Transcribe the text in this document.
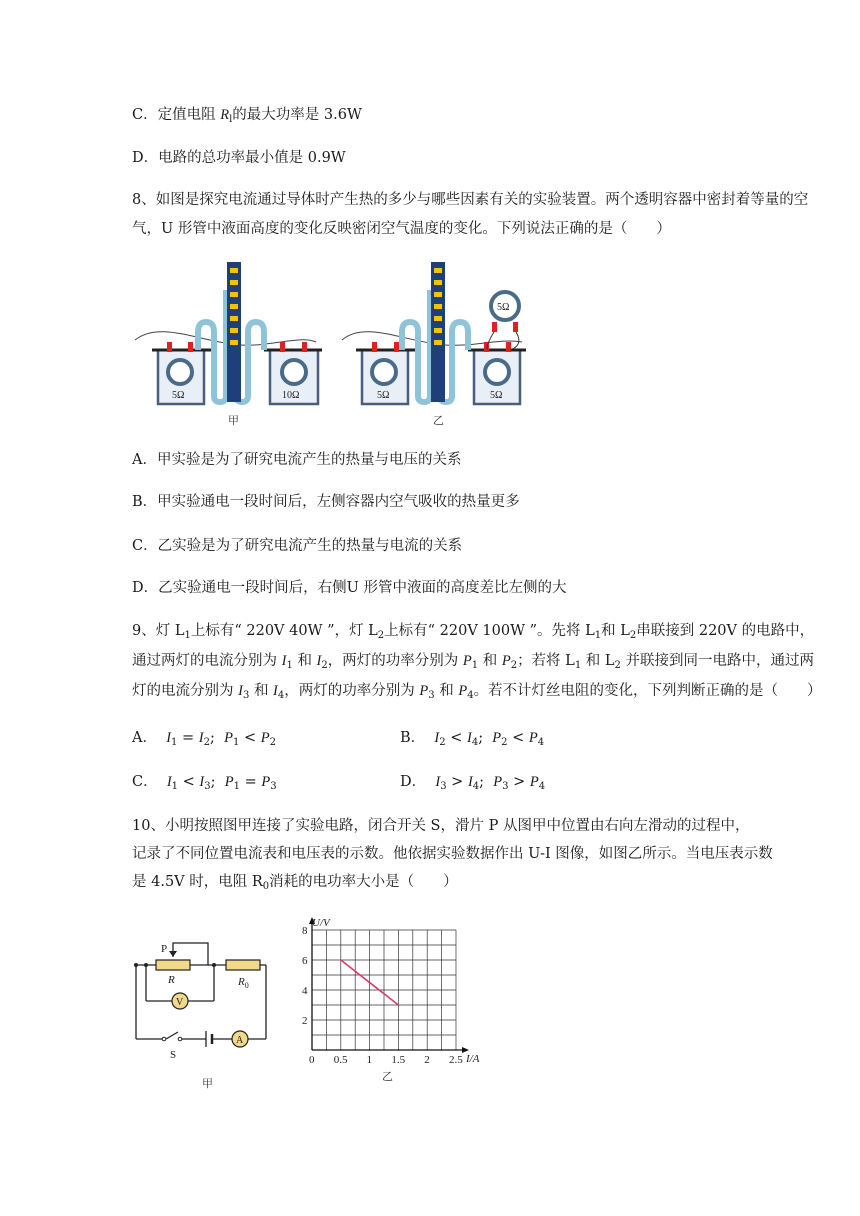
C．定值电阻 $R_l$的最大功率是 3.6W
D．电路的总功率最小值是 0.9W
8、如图是探究电流通过导体时产生热的多少与哪些因素有关的实验装置。两个透明容器中密封着等量的空气，U 形管中液面高度的变化反映密闭空气温度的变化。下列说法正确的是（　　）
5Ω	10Ω
甲
5Ω	5Ω
5Ω
乙
A．甲实验是为了研究电流产生的热量与电压的关系
B．甲实验通电一段时间后，左侧容器内空气吸收的热量更多
C．乙实验是为了研究电流产生的热量与电流的关系
D．乙实验通电一段时间后，右侧U 形管中液面的高度差比左侧的大
9、灯 $L_1$上标有“ 220V 40W ”，灯 $L_2$上标有“ 220V 100W ”。先将 $L_1$和 $L_2$串联接到 220V 的电路中，
通过两灯的电流分别为 $I_1$ 和 $I_2$，两灯的功率分别为 $P_1$ 和 $P_2$；若将 $L_1$ 和 $L_2$ 并联接到同一电路中，通过两
灯的电流分别为 $I_3$ 和 $I_4$，两灯的功率分别为 $P_3$ 和 $P_4$。若不计灯丝电阻的变化，下列判断正确的是（　　）
A． $I_1 = I_2$;  $P_1 < P_2$	B． $I_2 < I_4$;  $P_2 < P_4$
C． $I_1 < I_3$;  $P_1 = P_3$	D． $I_3 > I_4$;  $P_3 > P_4$
10、小明按照图甲连接了实验电路，闭合开关 S，滑片 P 从图甲中位置由右向左滑动的过程中，
记录了不同位置电流表和电压表的示数。他依据实验数据作出 U-I 图像，如图乙所示。当电压表示数
是 4.5V 时，电阻 $R_0$消耗的电功率大小是（　　）
P
R	$R_0$
V
S
A
甲
0 0.5 1 1.5 2 2.5
2
4
6
8
U/V
I/A
乙
